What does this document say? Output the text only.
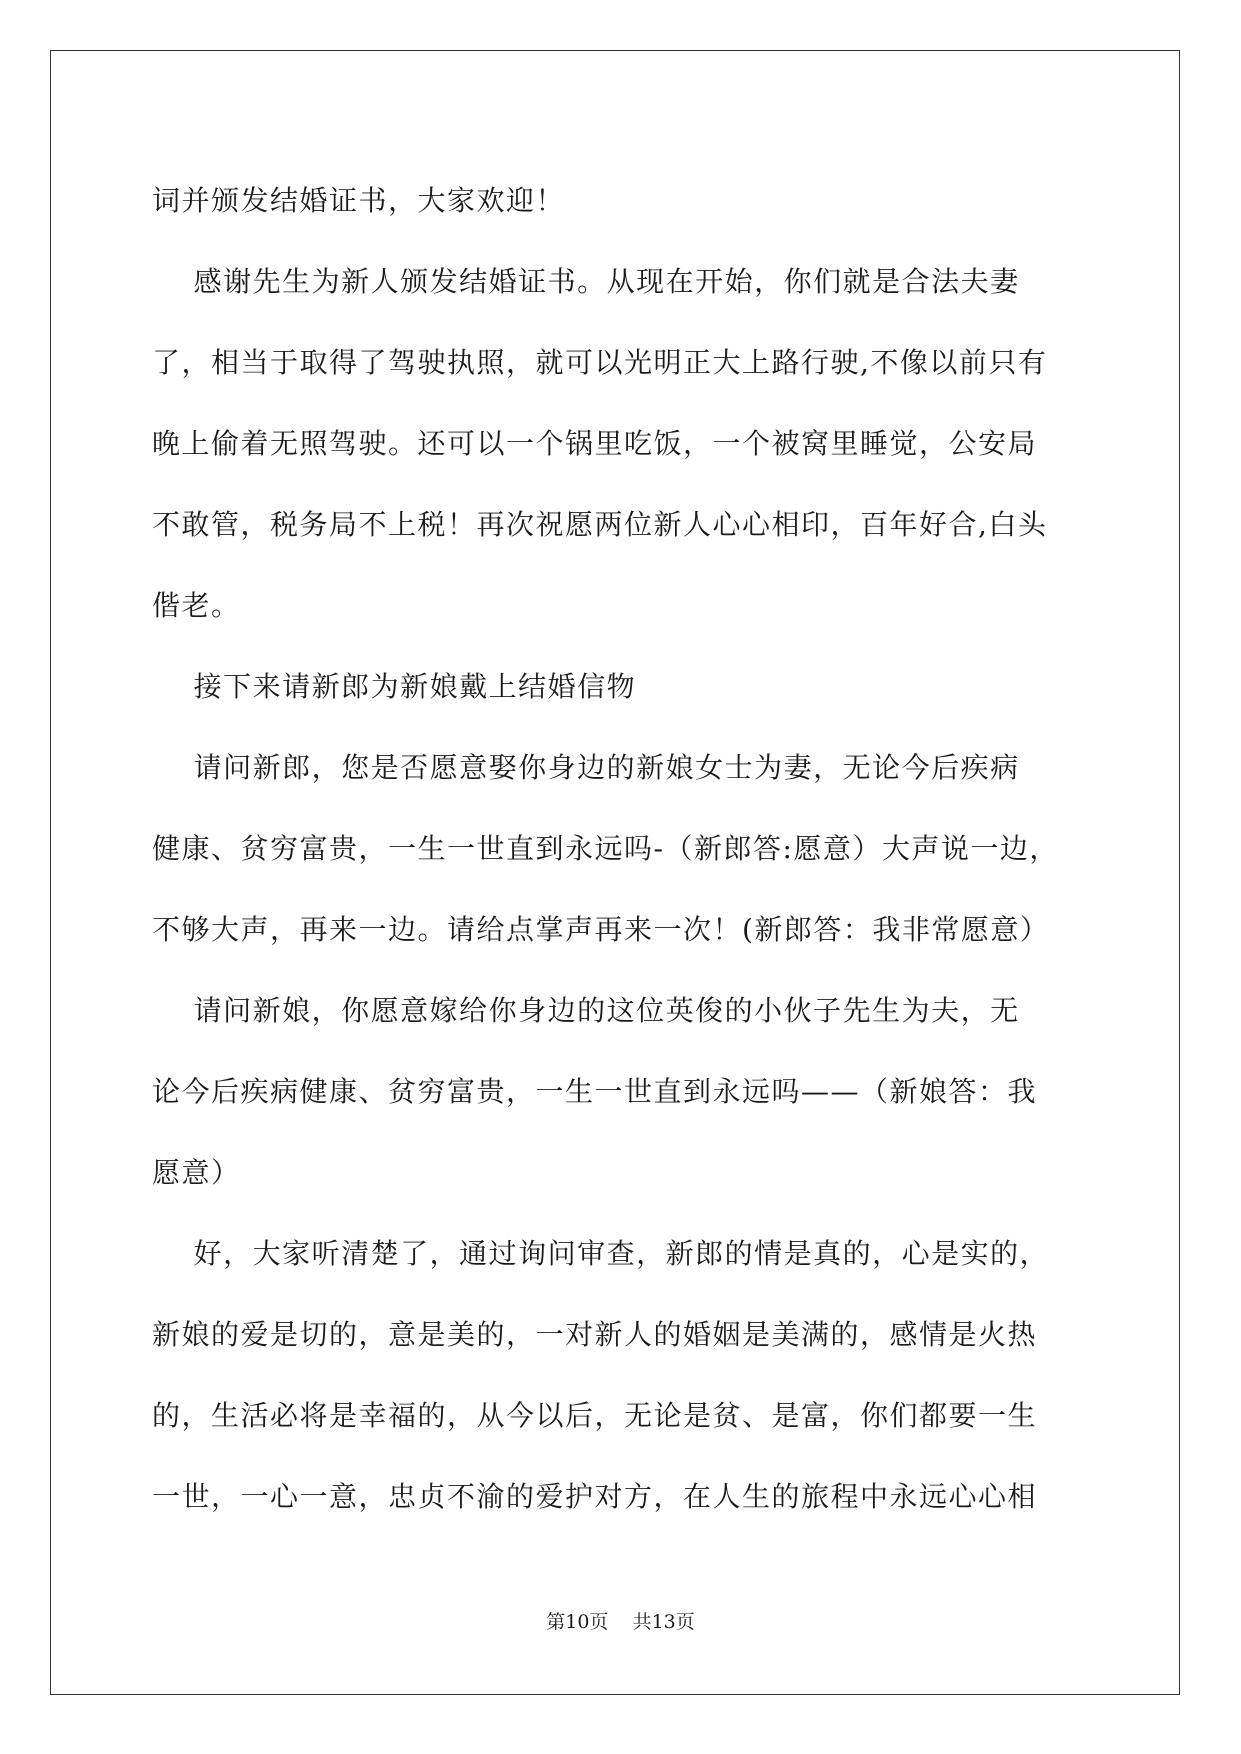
词并颁发结婚证书，大家欢迎！

感谢先生为新人颁发结婚证书。从现在开始，你们就是合法夫妻
了，相当于取得了驾驶执照，就可以光明正大上路行驶,不像以前只有
晚上偷着无照驾驶。还可以一个锅里吃饭，一个被窝里睡觉，公安局
不敢管，税务局不上税！再次祝愿两位新人心心相印，百年好合,白头
偕老。

接下来请新郎为新娘戴上结婚信物

请问新郎，您是否愿意娶你身边的新娘女士为妻，无论今后疾病
健康、贫穷富贵，一生一世直到永远吗-（新郎答:愿意）大声说一边，
不够大声，再来一边。请给点掌声再来一次！(新郎答：我非常愿意）

请问新娘，你愿意嫁给你身边的这位英俊的小伙子先生为夫，无
论今后疾病健康、贫穷富贵，一生一世直到永远吗——（新娘答：我
愿意）

好，大家听清楚了，通过询问审查，新郎的情是真的，心是实的，
新娘的爱是切的，意是美的，一对新人的婚姻是美满的，感情是火热
的，生活必将是幸福的，从今以后，无论是贫、是富，你们都要一生
一世，一心一意，忠贞不渝的爱护对方，在人生的旅程中永远心心相

第10页    共13页
